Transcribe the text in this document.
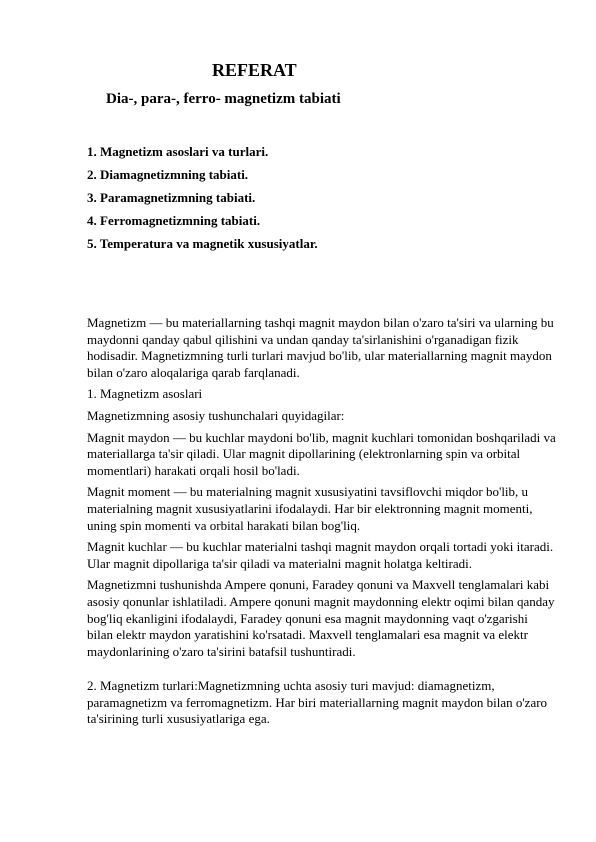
REFERAT
Dia-, para-, ferro- magnetizm tabiati
1. Magnetizm asoslari va turlari.
2. Diamagnetizmning tabiati.
3. Paramagnetizmning tabiati.
4. Ferromagnetizmning tabiati.
5. Temperatura va magnetik xususiyatlar.

Magnetizm — bu materiallarning tashqi magnit maydon bilan o'zaro ta'siri va ularning bu maydonni qanday qabul qilishini va undan qanday ta'sirlanishini o'rganadigan fizik hodisadir. Magnetizmning turli turlari mavjud bo'lib, ular materiallarning magnit maydon bilan o'zaro aloqalariga qarab farqlanadi.

1. Magnetizm asoslari

Magnetizmning asosiy tushunchalari quyidagilar:

Magnit maydon — bu kuchlar maydoni bo'lib, magnit kuchlari tomonidan boshqariladi va materiallarga ta'sir qiladi. Ular magnit dipollarining (elektronlarning spin va orbital momentlari) harakati orqali hosil bo'ladi.

Magnit moment — bu materialning magnit xususiyatini tavsiflovchi miqdor bo'lib, u materialning magnit xususiyatlarini ifodalaydi. Har bir elektronning magnit momenti, uning spin momenti va orbital harakati bilan bog'liq.

Magnit kuchlar — bu kuchlar materialni tashqi magnit maydon orqali tortadi yoki itaradi. Ular magnit dipollariga ta'sir qiladi va materialni magnit holatga keltiradi.

Magnetizmni tushunishda Ampere qonuni, Faradey qonuni va Maxvell tenglamalari kabi asosiy qonunlar ishlatiladi. Ampere qonuni magnit maydonning elektr oqimi bilan qanday bog'liq ekanligini ifodalaydi, Faradey qonuni esa magnit maydonning vaqt o'zgarishi bilan elektr maydon yaratishini ko'rsatadi. Maxvell tenglamalari esa magnit va elektr maydonlarining o'zaro ta'sirini batafsil tushuntiradi.

2. Magnetizm turlari:Magnetizmning uchta asosiy turi mavjud: diamagnetizm, paramagnetizm va ferromagnetizm. Har biri materiallarning magnit maydon bilan o'zaro ta'sirining turli xususiyatlariga ega.
